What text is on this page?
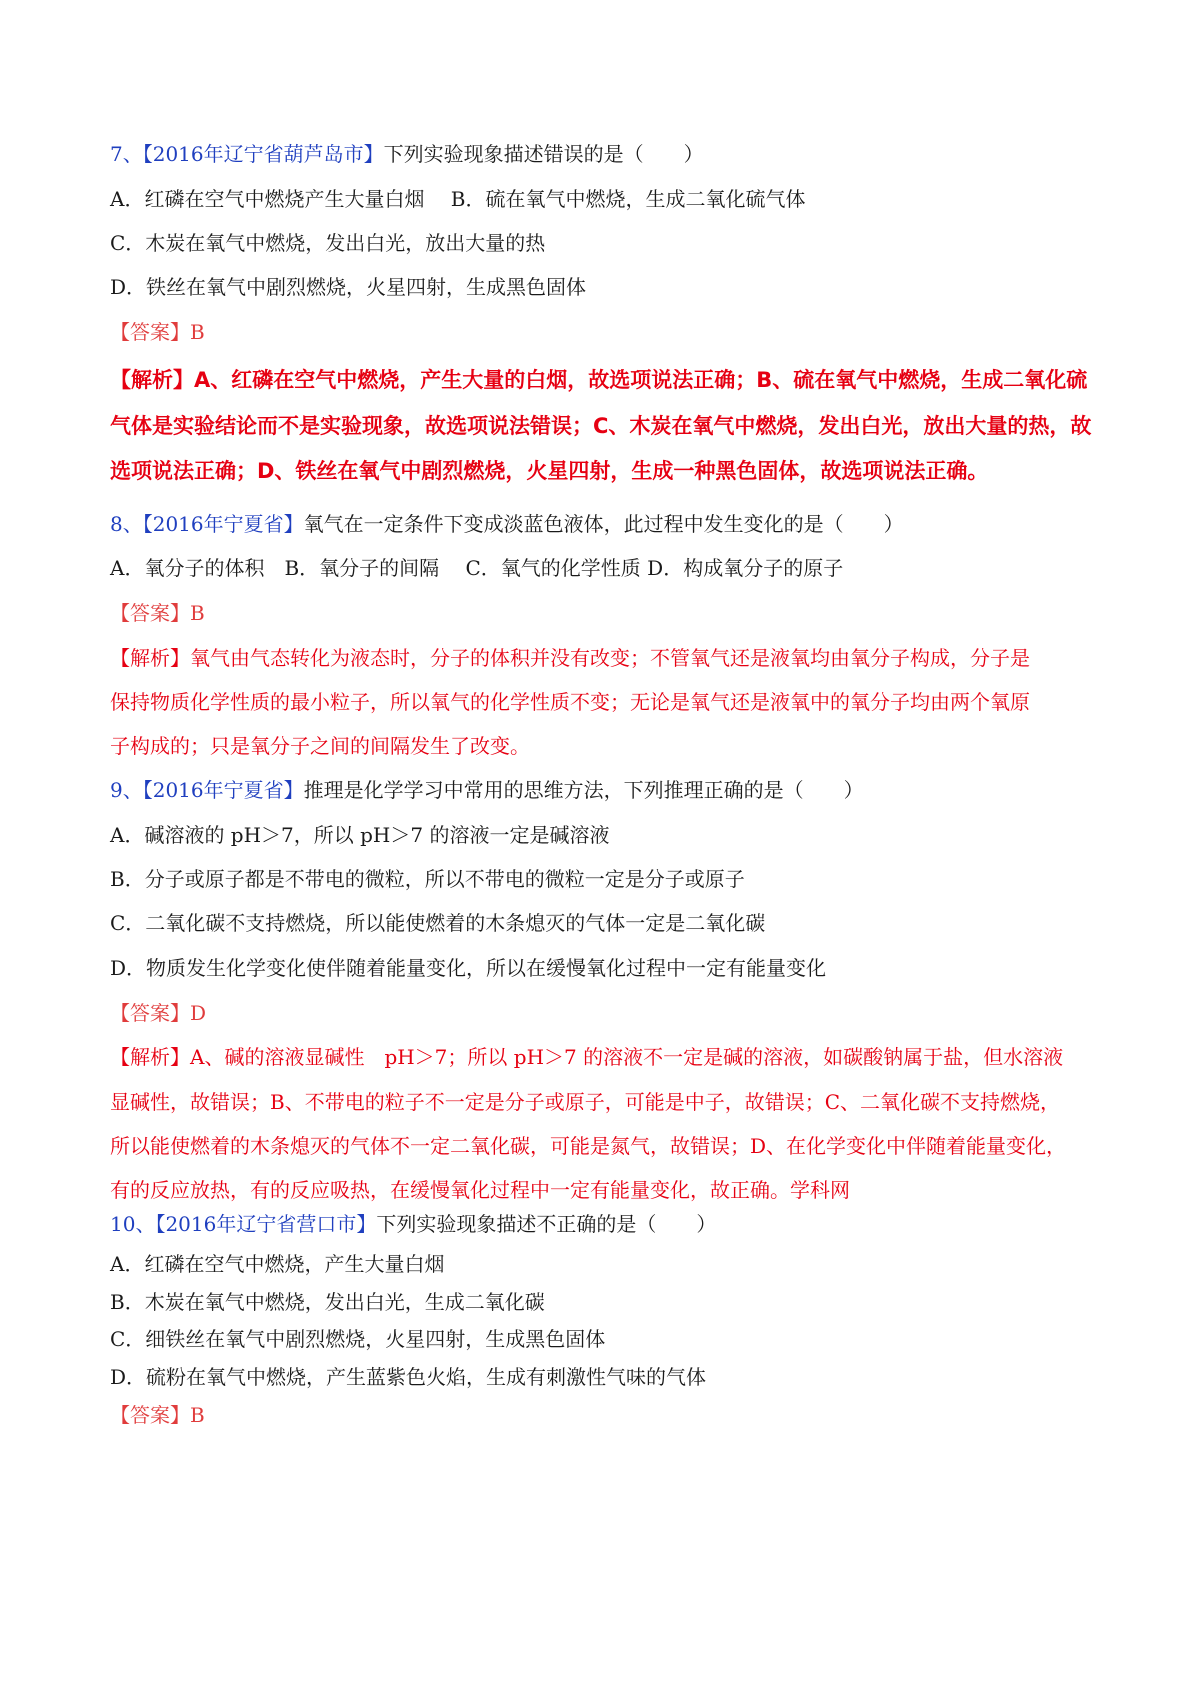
7、【2016年辽宁省葫芦岛市】下列实验现象描述错误的是（　　）
A．红磷在空气中燃烧产生大量白烟　 B．硫在氧气中燃烧，生成二氧化硫气体
C．木炭在氧气中燃烧，发出白光，放出大量的热
D．铁丝在氧气中剧烈燃烧，火星四射，生成黑色固体
【答案】B
【解析】A、红磷在空气中燃烧，产生大量的白烟，故选项说法正确；B、硫在氧气中燃烧，生成二氧化硫
气体是实验结论而不是实验现象，故选项说法错误；C、木炭在氧气中燃烧，发出白光，放出大量的热，故
选项说法正确；D、铁丝在氧气中剧烈燃烧，火星四射，生成一种黑色固体，故选项说法正确。
8、【2016年宁夏省】氧气在一定条件下变成淡蓝色液体，此过程中发生变化的是（　　）
A．氧分子的体积　B．氧分子的间隔　 C．氧气的化学性质 D．构成氧分子的原子
【答案】B
【解析】氧气由气态转化为液态时，分子的体积并没有改变；不管氧气还是液氧均由氧分子构成，分子是
保持物质化学性质的最小粒子，所以氧气的化学性质不变；无论是氧气还是液氧中的氧分子均由两个氧原
子构成的；只是氧分子之间的间隔发生了改变。
9、【2016年宁夏省】推理是化学学习中常用的思维方法，下列推理正确的是（　　）
A．碱溶液的 pH＞7，所以 pH＞7 的溶液一定是碱溶液
B．分子或原子都是不带电的微粒，所以不带电的微粒一定是分子或原子
C．二氧化碳不支持燃烧，所以能使燃着的木条熄灭的气体一定是二氧化碳
D．物质发生化学变化使伴随着能量变化，所以在缓慢氧化过程中一定有能量变化
【答案】D
【解析】A、碱的溶液显碱性　pH＞7；所以 pH＞7 的溶液不一定是碱的溶液，如碳酸钠属于盐，但水溶液
显碱性，故错误；B、不带电的粒子不一定是分子或原子，可能是中子，故错误；C、二氧化碳不支持燃烧，
所以能使燃着的木条熄灭的气体不一定二氧化碳，可能是氮气，故错误；D、在化学变化中伴随着能量变化，
有的反应放热，有的反应吸热，在缓慢氧化过程中一定有能量变化，故正确。学科网
10、【2016年辽宁省营口市】下列实验现象描述不正确的是（　　）
A．红磷在空气中燃烧，产生大量白烟
B．木炭在氧气中燃烧，发出白光，生成二氧化碳
C．细铁丝在氧气中剧烈燃烧，火星四射，生成黑色固体
D．硫粉在氧气中燃烧，产生蓝紫色火焰，生成有刺激性气味的气体
【答案】B
